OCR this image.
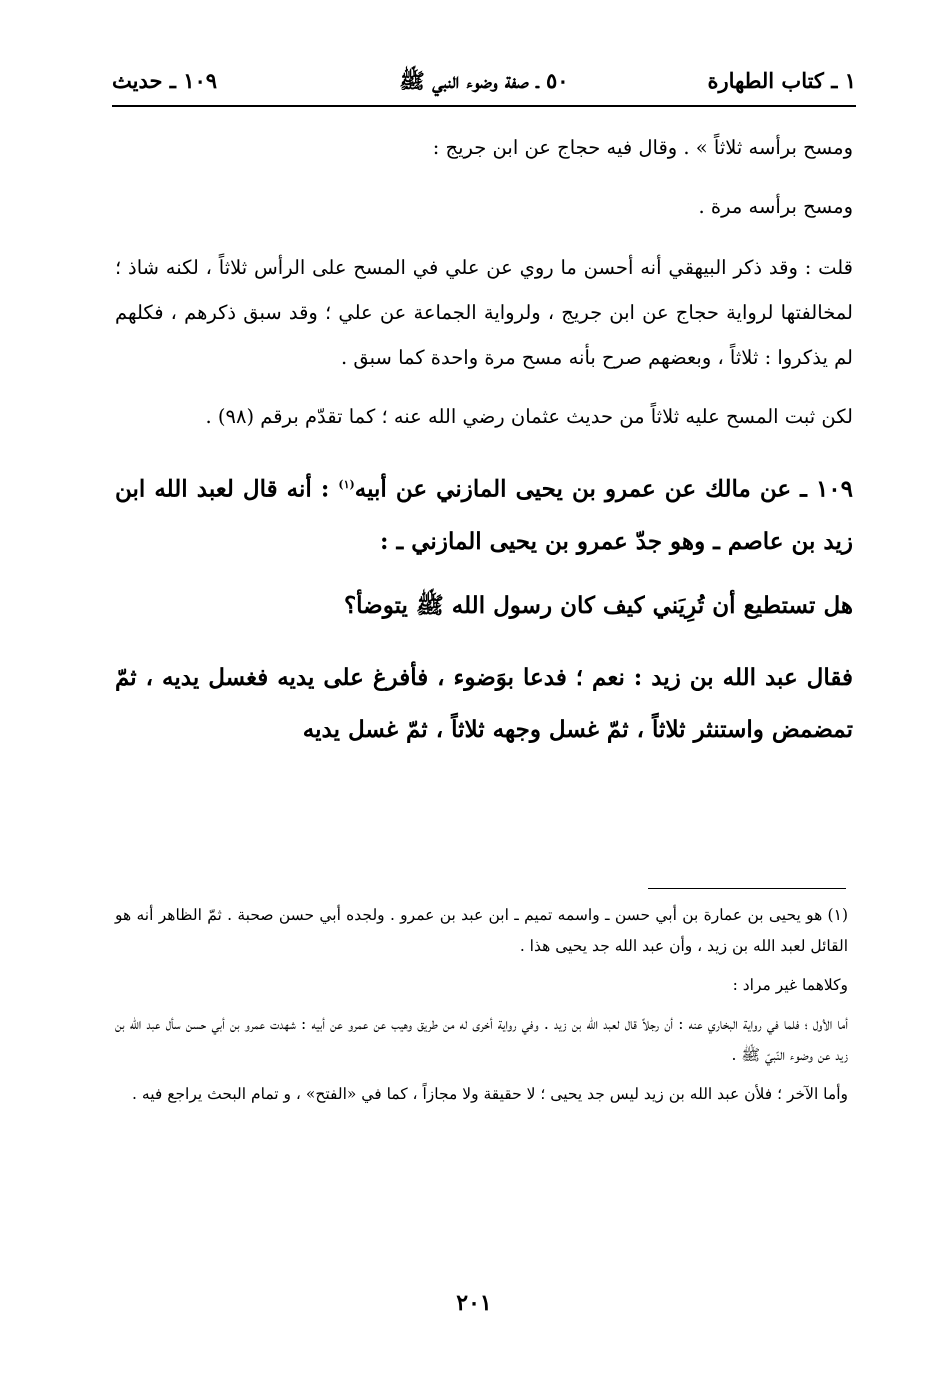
١ ـ كتاب الطهارة
٥٠ ـ صفة وضوء النبي ﷺ
١٠٩ ـ حديث

ومسح برأسه ثلاثاً » . وقال فيه حجاج عن ابن جريج :

ومسح برأسه مرة .

قلت : وقد ذكر البيهقي أنه أحسن ما روي عن علي في المسح على الرأس ثلاثاً ، لكنه شاذ ؛ لمخالفتها لرواية حجاج عن ابن جريج ، ولرواية الجماعة عن علي ؛ وقد سبق ذكرهم ، فكلهم لم يذكروا : ثلاثاً ، وبعضهم صرح بأنه مسح مرة واحدة كما سبق .

لكن ثبت المسح عليه ثلاثاً من حديث عثمان رضي الله عنه ؛ كما تقدّم برقم (٩٨) .

١٠٩ ـ عن مالك عن عمرو بن يحيى المازني عن أبيه$^{(١)}$ : أنه قال لعبد الله ابن زيد بن عاصم ـ وهو جدّ عمرو بن يحيى المازني ـ :

هل تستطيع أن تُرِيَني كيف كان رسول الله ﷺ يتوضأ؟

فقال عبد الله بن زيد : نعم ؛ فدعا بوَضوء ، فأفرغ على يديه فغسل يديه ، ثمّ تمضمض واستنثر ثلاثاً ، ثمّ غسل وجهه ثلاثاً ، ثمّ غسل يديه

(١) هو يحيى بن عمارة بن أبي حسن ـ واسمه تميم ـ ابن عبد بن عمرو . ولجده أبي حسن صحبة . ثمّ الظاهر أنه هو القائل لعبد الله بن زيد ، وأن عبد الله جد يحيى هذا .

وكلاهما غير مراد :

أما الأول ؛ فلما في رواية البخاري عنه : أن رجلاً قال لعبد الله بن زيد . وفي رواية أخرى له من طريق وهيب عن عمرو عن أبيه : شهدت عمرو بن أبي حسن سأل عبد الله بن زيد عن وضوء النّبيّ ﷺ .

وأما الآخر ؛ فلأن عبد الله بن زيد ليس جد يحيى ؛ لا حقيقة ولا مجازاً ، كما في «الفتح» ، و تمام البحث يراجع فيه .

٢٠١
